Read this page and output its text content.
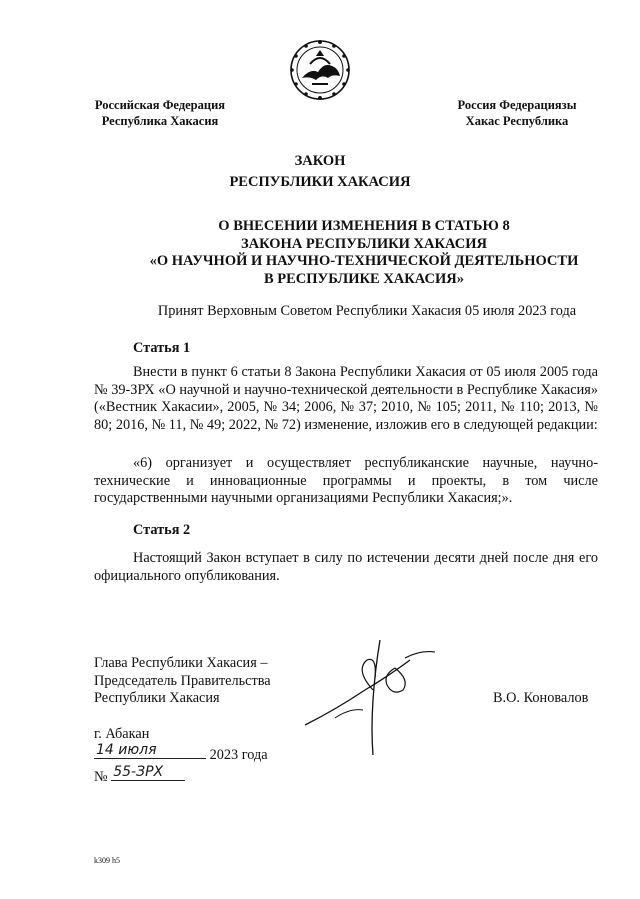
Российская Федерация
Республика Хакасия
Россия Федерациязы
Хакас Республика
ЗАКОН
РЕСПУБЛИКИ ХАКАСИЯ
О ВНЕСЕНИИ ИЗМЕНЕНИЯ В СТАТЬЮ 8
ЗАКОНА РЕСПУБЛИКИ ХАКАСИЯ
«О НАУЧНОЙ И НАУЧНО-ТЕХНИЧЕСКОЙ ДЕЯТЕЛЬНОСТИ
В РЕСПУБЛИКЕ ХАКАСИЯ»
Принят Верховным Советом Республики Хакасия 05 июля 2023 года
Статья 1
Внести в пункт 6 статьи 8 Закона Республики Хакасия от 05 июля 2005 года № 39-ЗРХ «О научной и научно-технической деятельности в Республике Хакасия» («Вестник Хакасии», 2005, № 34; 2006, № 37; 2010, № 105; 2011, № 110; 2013, № 80; 2016, № 11, № 49; 2022, № 72) изменение, изложив его в следующей редакции:
«6) организует и осуществляет республиканские научные, научно-технические и инновационные программы и проекты, в том числе государственными научными организациями Республики Хакасия;».
Статья 2
Настоящий Закон вступает в силу по истечении десяти дней после дня его официального опубликования.
Глава Республики Хакасия –
Председатель Правительства
Республики Хакасия	В.О. Коновалов
г. Абакан
14 июля	2023 года
№ 55-ЗРХ
k309 h5
